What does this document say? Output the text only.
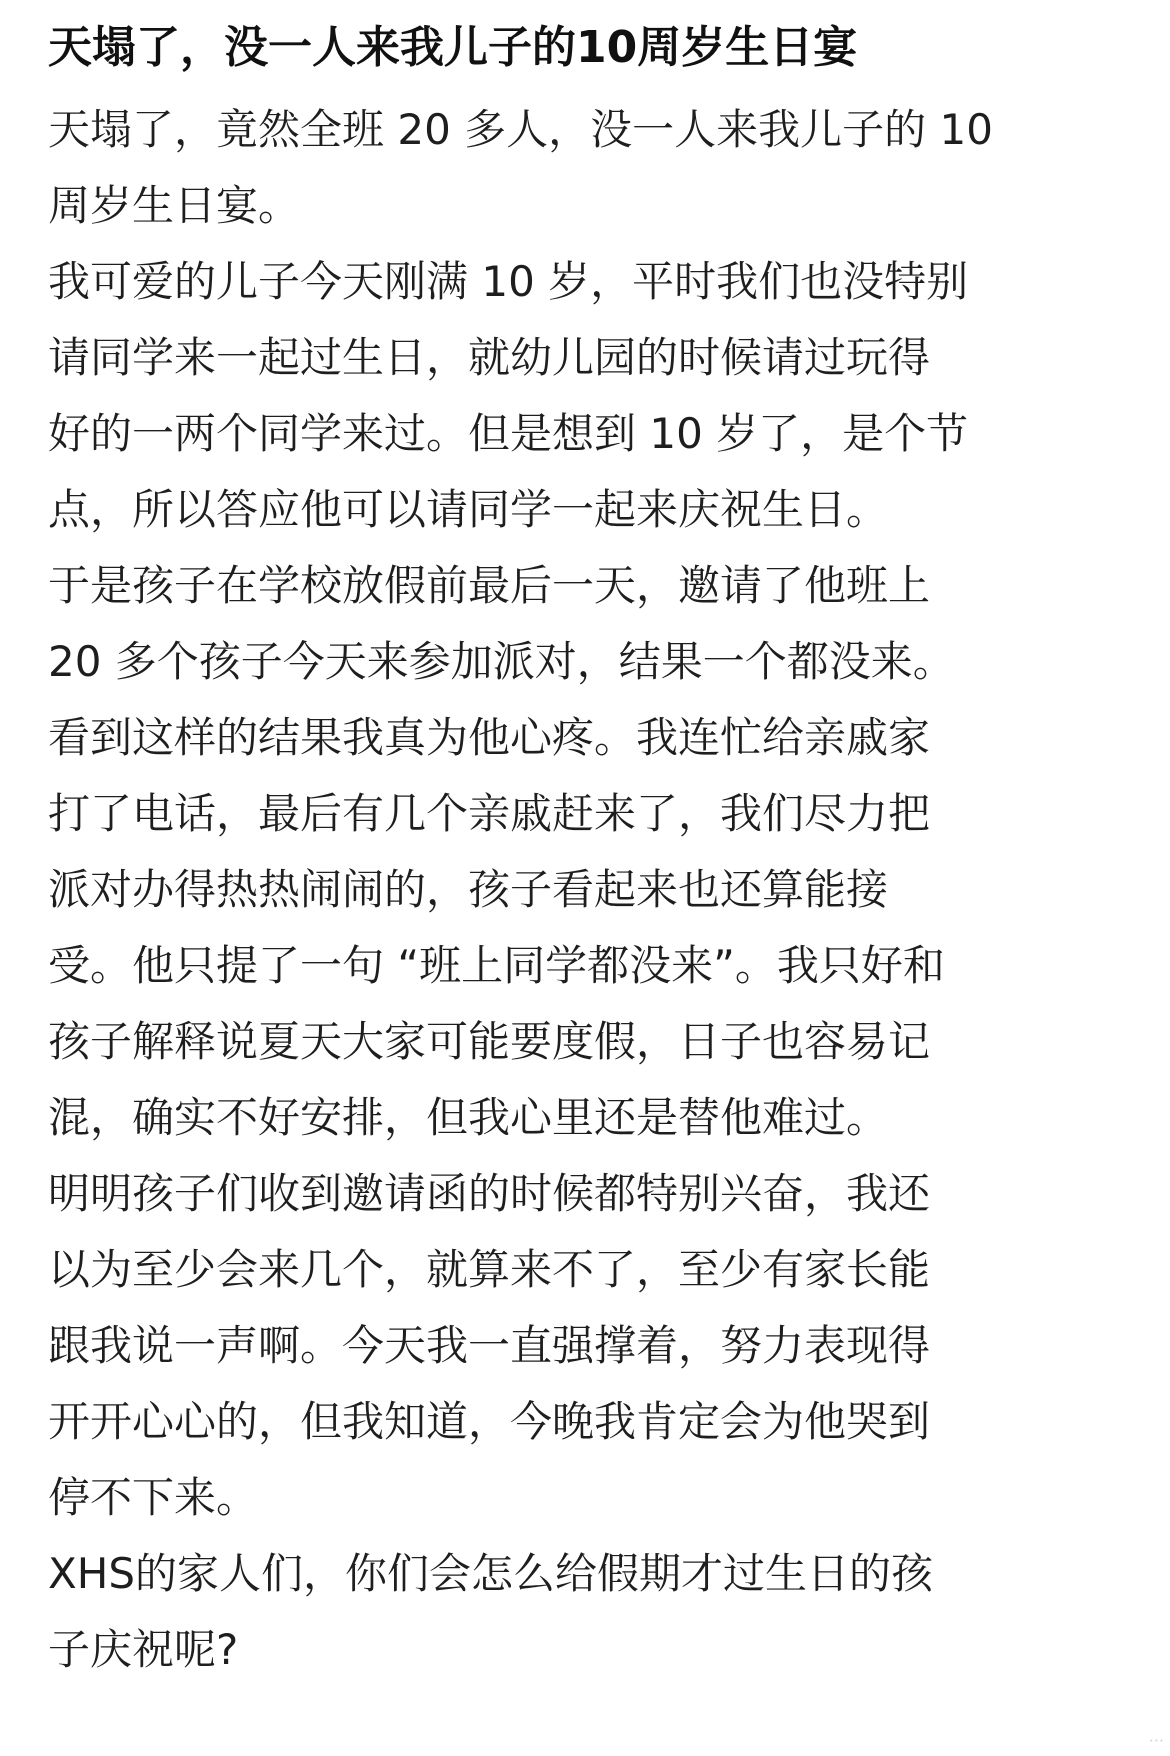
天塌了，没一人来我儿子的10周岁生日宴
天塌了，竟然全班 20 多人，没一人来我儿子的 10
周岁生日宴。
我可爱的儿子今天刚满 10 岁，平时我们也没特别
请同学来一起过生日，就幼儿园的时候请过玩得
好的一两个同学来过。但是想到 10 岁了，是个节
点，所以答应他可以请同学一起来庆祝生日。
于是孩子在学校放假前最后一天，邀请了他班上
20 多个孩子今天来参加派对，结果一个都没来。
看到这样的结果我真为他心疼。我连忙给亲戚家
打了电话，最后有几个亲戚赶来了，我们尽力把
派对办得热热闹闹的，孩子看起来也还算能接
受。他只提了一句 “班上同学都没来”。我只好和
孩子解释说夏天大家可能要度假，日子也容易记
混，确实不好安排，但我心里还是替他难过。
明明孩子们收到邀请函的时候都特别兴奋，我还
以为至少会来几个，就算来不了，至少有家长能
跟我说一声啊。今天我一直强撑着，努力表现得
开开心心的，但我知道，今晚我肯定会为他哭到
停不下来。
XHS的家人们，你们会怎么给假期才过生日的孩
子庆祝呢?
···
